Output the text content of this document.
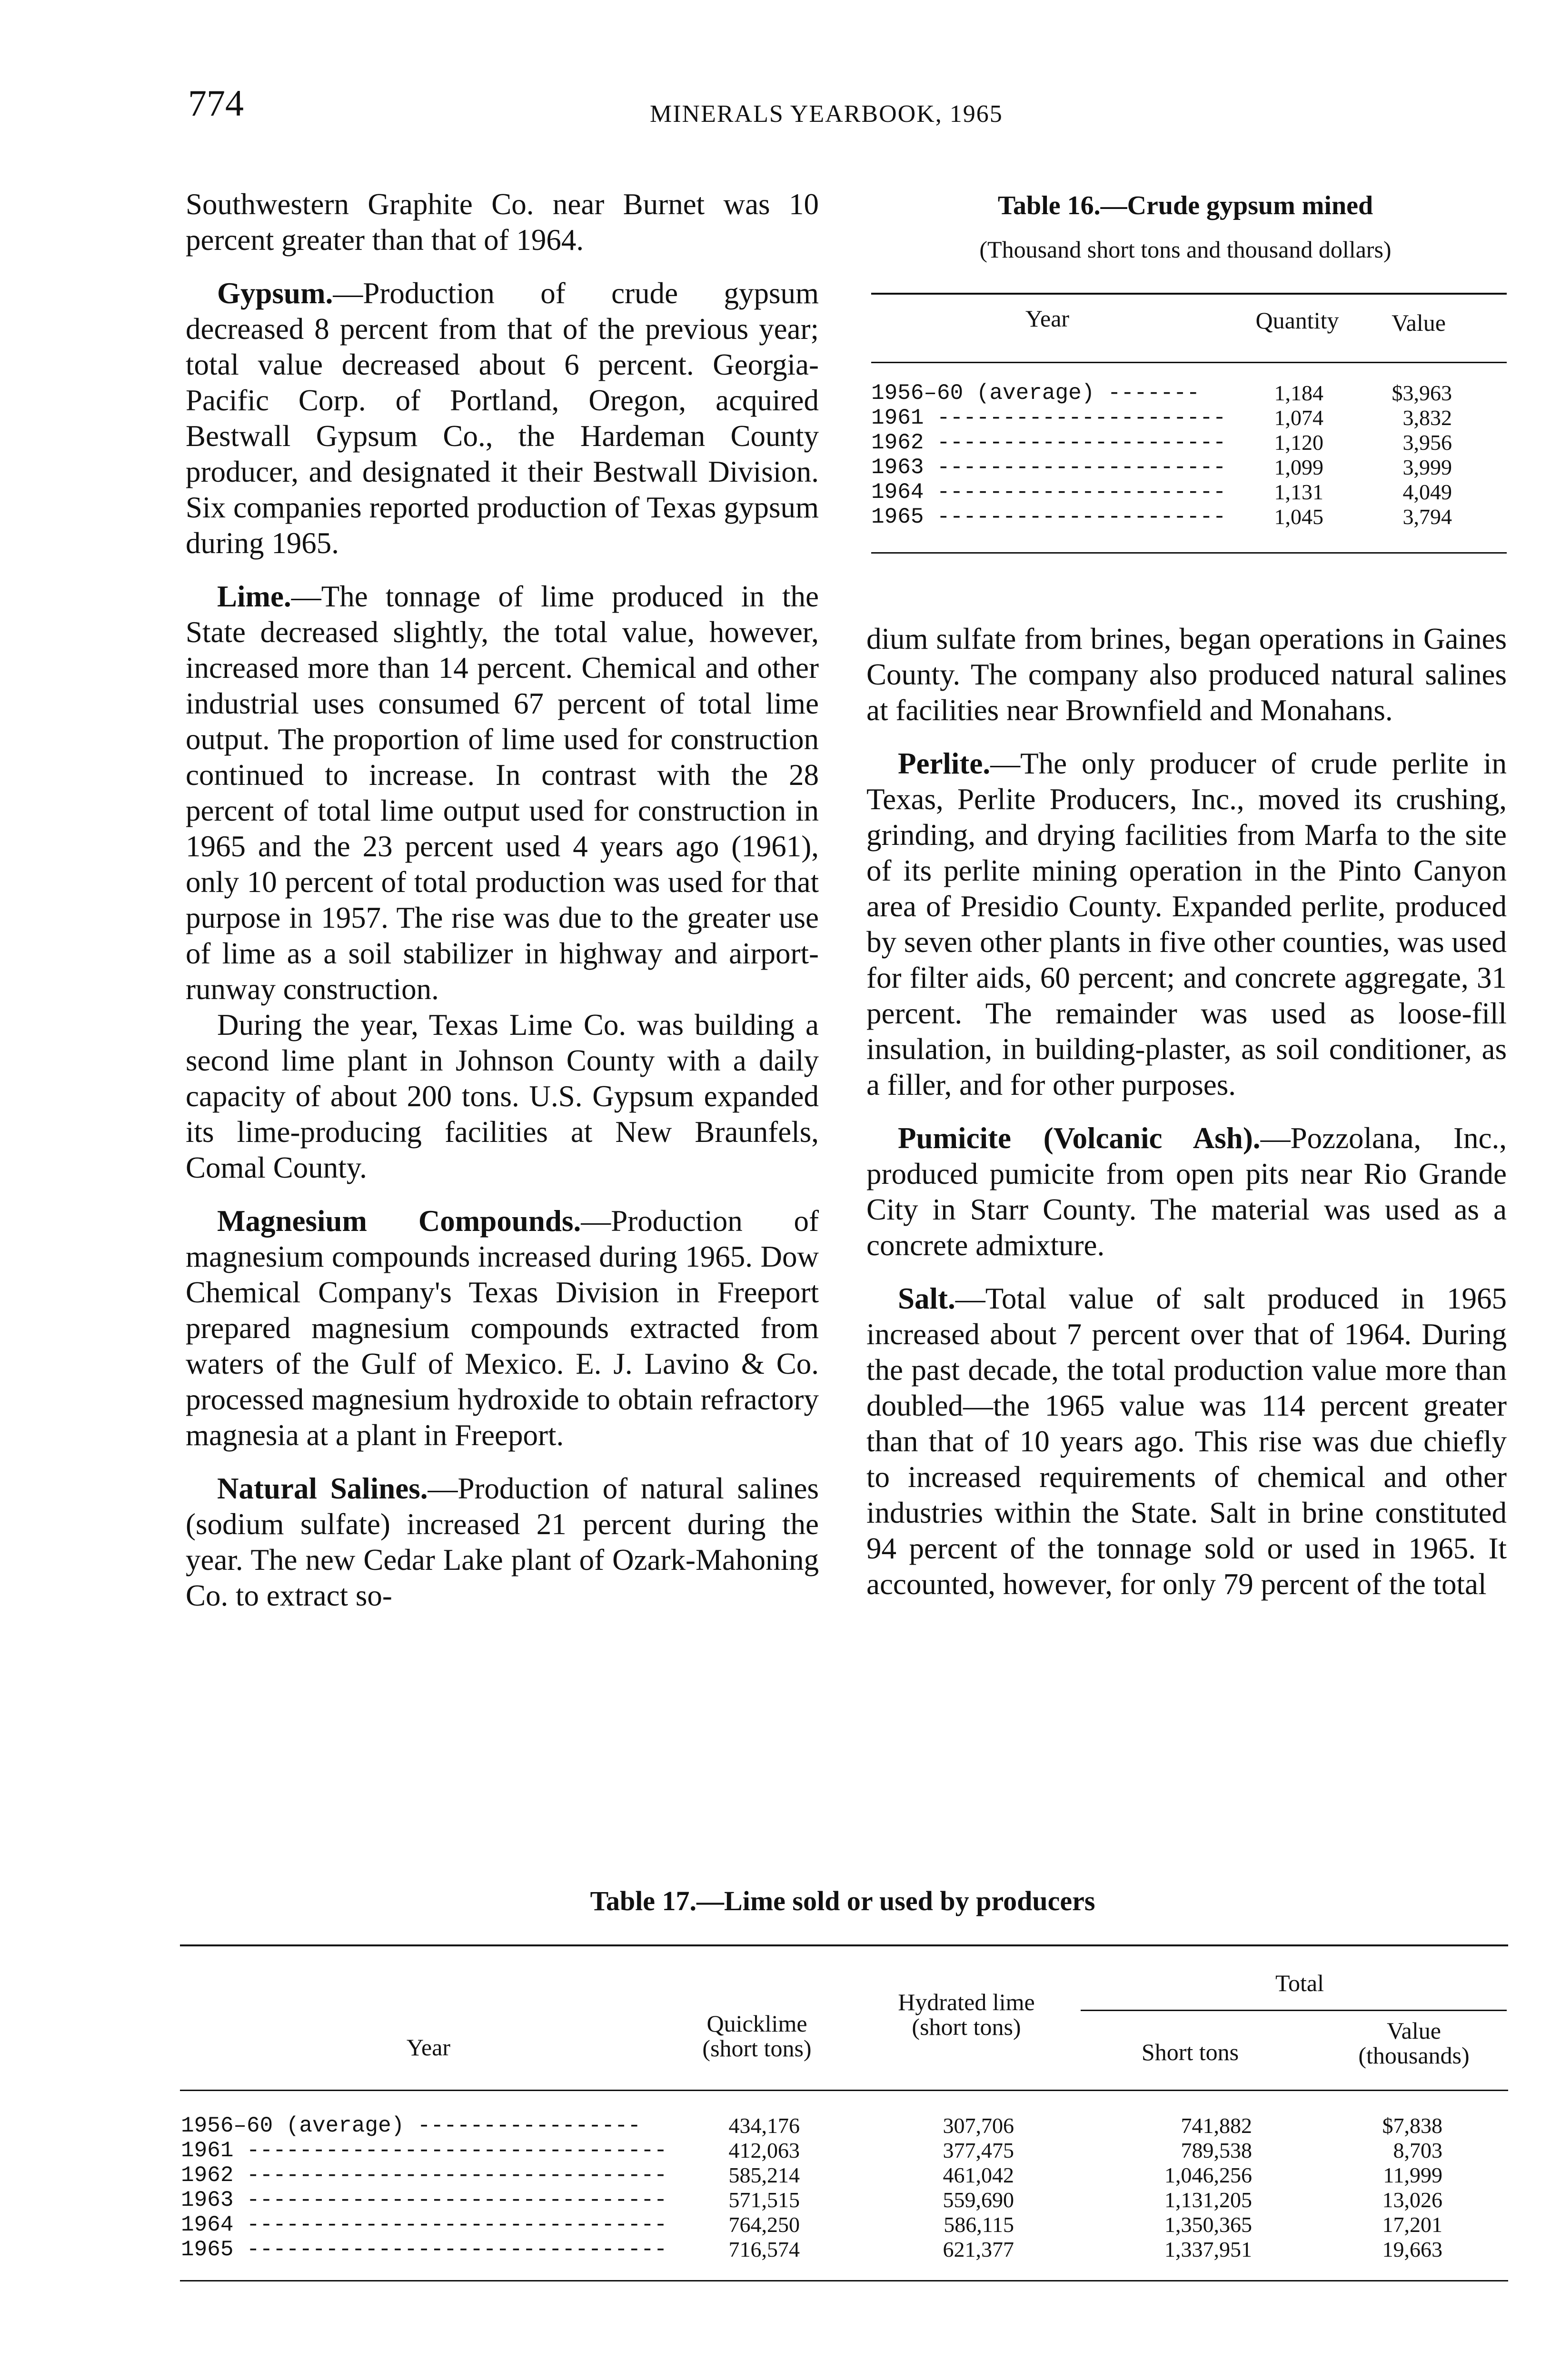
774	MINERALS YEARBOOK, 1965

Southwestern Graphite Co. near Burnet was 10 percent greater than that of 1964.

Gypsum.—Production of crude gypsum decreased 8 percent from that of the previous year; total value decreased about 6 percent. Georgia-Pacific Corp. of Portland, Oregon, acquired Bestwall Gypsum Co., the Hardeman County producer, and designated it their Bestwall Division. Six companies reported production of Texas gypsum during 1965.

Lime.—The tonnage of lime produced in the State decreased slightly, the total value, however, increased more than 14 percent. Chemical and other industrial uses consumed 67 percent of total lime output. The proportion of lime used for construction continued to increase. In contrast with the 28 percent of total lime output used for construction in 1965 and the 23 percent used 4 years ago (1961), only 10 percent of total production was used for that purpose in 1957. The rise was due to the greater use of lime as a soil stabilizer in highway and airport-runway construction.

During the year, Texas Lime Co. was building a second lime plant in Johnson County with a daily capacity of about 200 tons. U.S. Gypsum expanded its lime-producing facilities at New Braunfels, Comal County.

Magnesium Compounds.—Production of magnesium compounds increased during 1965. Dow Chemical Company's Texas Division in Freeport prepared magnesium compounds extracted from waters of the Gulf of Mexico. E. J. Lavino & Co. processed magnesium hydroxide to obtain refractory magnesia at a plant in Freeport.

Natural Salines.—Production of natural salines (sodium sulfate) increased 21 percent during the year. The new Cedar Lake plant of Ozark-Mahoning Co. to extract so-

Table 16.—Crude gypsum mined
(Thousand short tons and thousand dollars)
Year	Quantity	Value
1956–60 (average) -------	1,184	$3,963
1961 ----------------------	1,074	3,832
1962 ----------------------	1,120	3,956
1963 ----------------------	1,099	3,999
1964 ----------------------	1,131	4,049
1965 ----------------------	1,045	3,794

dium sulfate from brines, began operations in Gaines County. The company also produced natural salines at facilities near Brownfield and Monahans.

Perlite.—The only producer of crude perlite in Texas, Perlite Producers, Inc., moved its crushing, grinding, and drying facilities from Marfa to the site of its perlite mining operation in the Pinto Canyon area of Presidio County. Expanded perlite, produced by seven other plants in five other counties, was used for filter aids, 60 percent; and concrete aggregate, 31 percent. The remainder was used as loose-fill insulation, in building-plaster, as soil conditioner, as a filler, and for other purposes.

Pumicite (Volcanic Ash).—Pozzolana, Inc., produced pumicite from open pits near Rio Grande City in Starr County. The material was used as a concrete admixture.

Salt.—Total value of salt produced in 1965 increased about 7 percent over that of 1964. During the past decade, the total production value more than doubled—the 1965 value was 114 percent greater than that of 10 years ago. This rise was due chiefly to increased requirements of chemical and other industries within the State. Salt in brine constituted 94 percent of the tonnage sold or used in 1965. It accounted, however, for only 79 percent of the total

Table 17.—Lime sold or used by producers
Total
Year
Quicklime (short tons)
Hydrated lime (short tons)
Short tons
Value (thousands)
1956–60 (average) -----------------	434,176	307,706	741,882	$7,838
1961 --------------------------------	412,063	377,475	789,538	8,703
1962 --------------------------------	585,214	461,042	1,046,256	11,999
1963 --------------------------------	571,515	559,690	1,131,205	13,026
1964 --------------------------------	764,250	586,115	1,350,365	17,201
1965 --------------------------------	716,574	621,377	1,337,951	19,663
